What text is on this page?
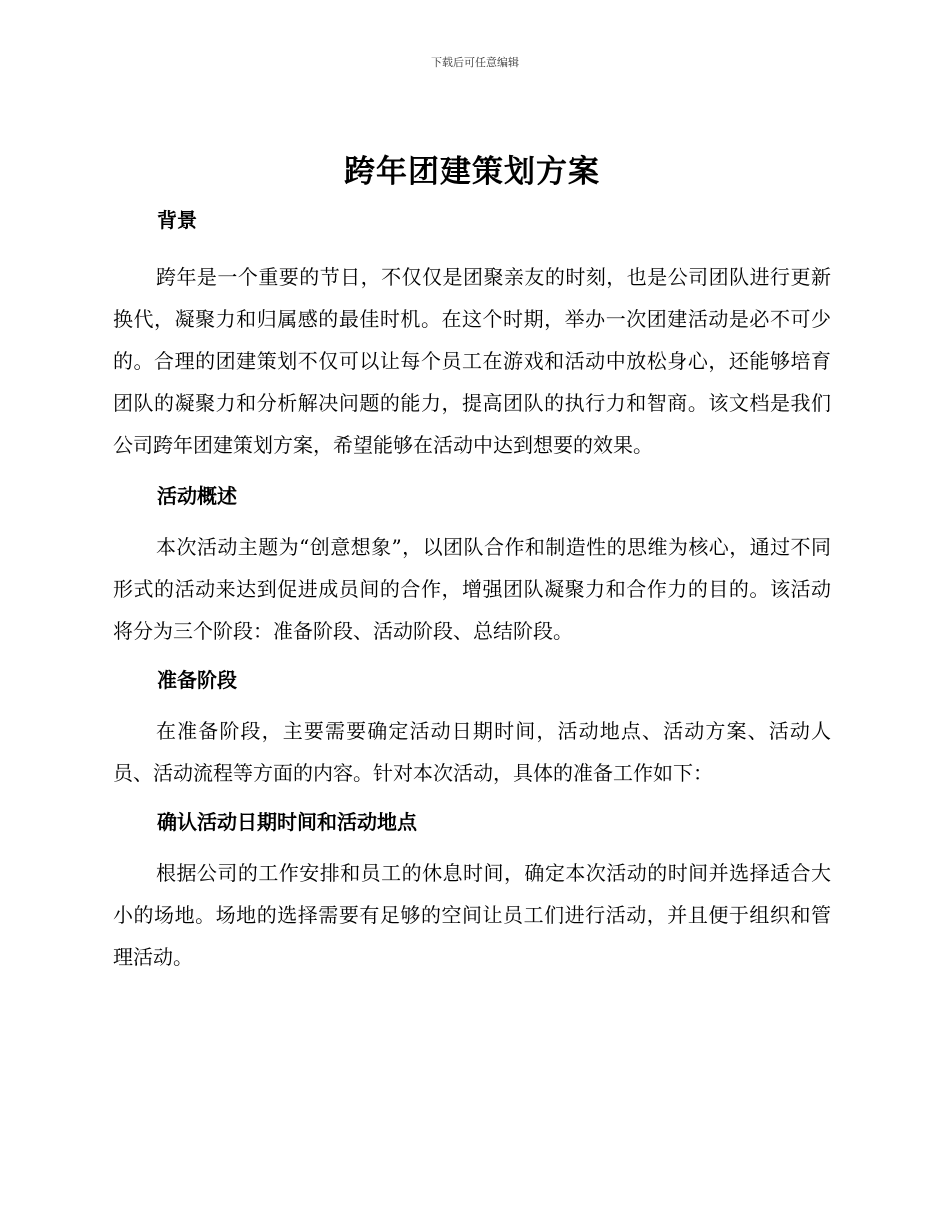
下载后可任意编辑
跨年团建策划方案
背景

跨年是一个重要的节日，不仅仅是团聚亲友的时刻，也是公司团队进行更新换代，凝聚力和归属感的最佳时机。在这个时期，举办一次团建活动是必不可少的。合理的团建策划不仅可以让每个员工在游戏和活动中放松身心，还能够培育团队的凝聚力和分析解决问题的能力，提高团队的执行力和智商。该文档是我们公司跨年团建策划方案，希望能够在活动中达到想要的效果。

活动概述

本次活动主题为“创意想象”，以团队合作和制造性的思维为核心，通过不同形式的活动来达到促进成员间的合作，增强团队凝聚力和合作力的目的。该活动将分为三个阶段：准备阶段、活动阶段、总结阶段。

准备阶段

在准备阶段，主要需要确定活动日期时间，活动地点、活动方案、活动人员、活动流程等方面的内容。针对本次活动，具体的准备工作如下：

确认活动日期时间和活动地点

根据公司的工作安排和员工的休息时间，确定本次活动的时间并选择适合大小的场地。场地的选择需要有足够的空间让员工们进行活动，并且便于组织和管理活动。
